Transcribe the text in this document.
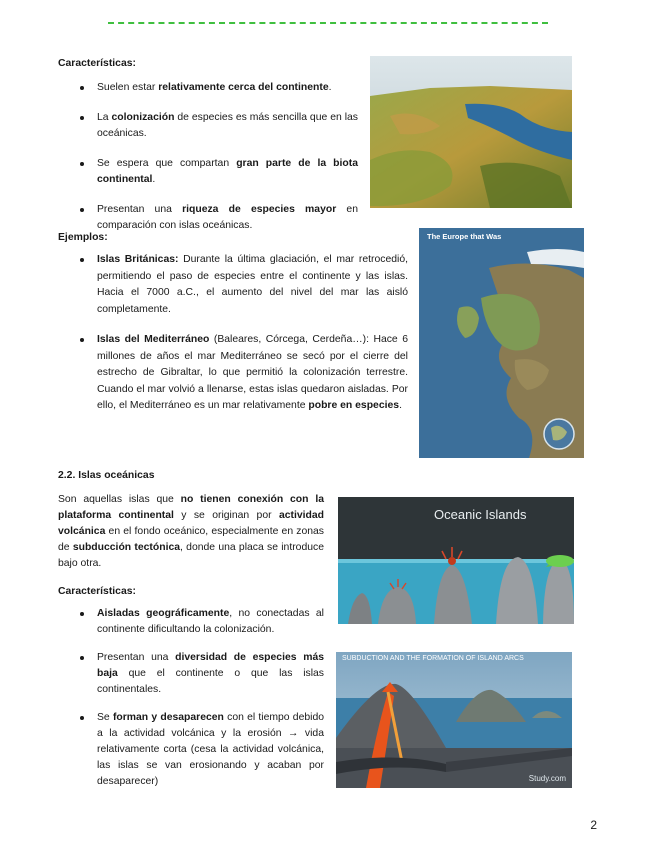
Características:
Suelen estar relativamente cerca del continente.
La colonización de especies es más sencilla que en las oceánicas.
Se espera que compartan gran parte de la biota continental.
Presentan una riqueza de especies mayor en comparación con islas oceánicas.
Ejemplos:
Islas Británicas: Durante la última glaciación, el mar retrocedió, permitiendo el paso de especies entre el continente y las islas. Hacia el 7000 a.C., el aumento del nivel del mar las aisló completamente.
Islas del Mediterráneo (Baleares, Córcega, Cerdeña…): Hace 6 millones de años el mar Mediterráneo se secó por el cierre del estrecho de Gibraltar, lo que permitió la colonización terrestre. Cuando el mar volvió a llenarse, estas islas quedaron aisladas. Por ello, el Mediterráneo es un mar relativamente pobre en especies.
2.2. Islas oceánicas
Son aquellas islas que no tienen conexión con la plataforma continental y se originan por actividad volcánica en el fondo oceánico, especialmente en zonas de subducción tectónica, donde una placa se introduce bajo otra.
Características:
Aisladas geográficamente, no conectadas al continente dificultando la colonización.
Presentan una diversidad de especies más baja que el continente o que las islas continentales.
Se forman y desaparecen con el tiempo debido a la actividad volcánica y la erosión → vida relativamente corta (cesa la actividad volcánica, las islas se van erosionando y acaban por desaparecer)
The Europe that Was
Oceanic Islands
SUBDUCTION AND THE FORMATION OF ISLAND ARCS
Study.com
2
